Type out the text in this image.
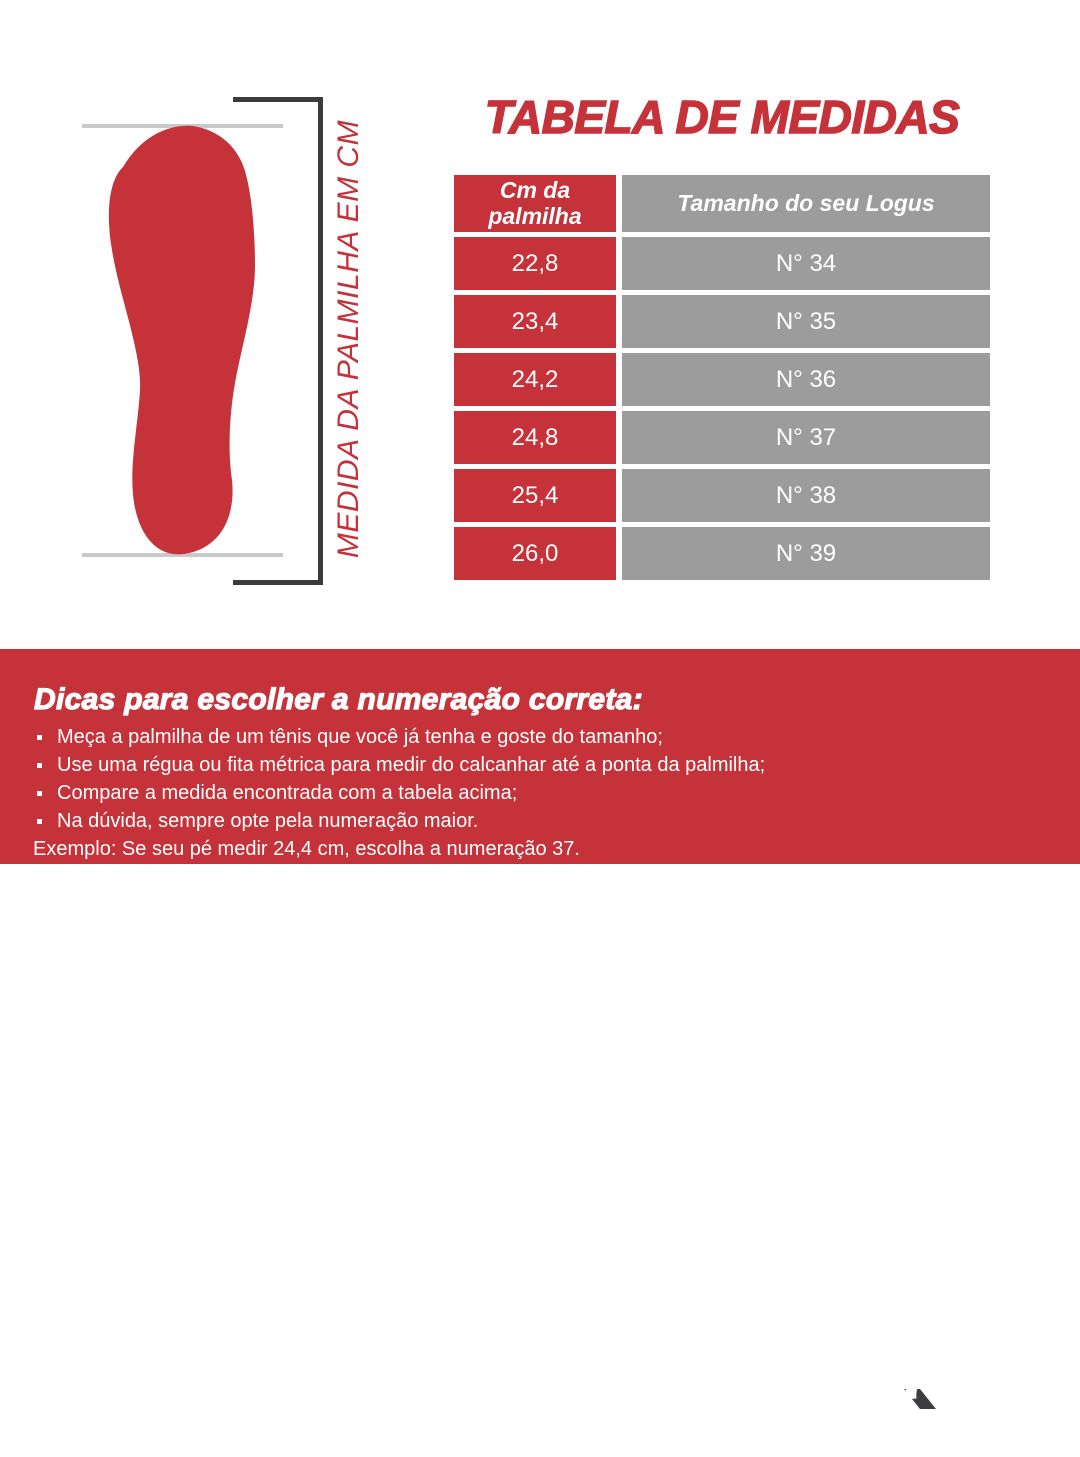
MEDIDA DA PALMILHA EM CM
TABELA DE MEDIDAS
Cm da palmilha	Tamanho do seu Logus
22,8	N° 34
23,4	N° 35
24,2	N° 36
24,8	N° 37
25,4	N° 38
26,0	N° 39
Dicas para escolher a numeração correta:
Meça a palmilha de um tênis que você já tenha e goste do tamanho;
Use uma régua ou fita métrica para medir do calcanhar até a ponta da palmilha;
Compare a medida encontrada com a tabela acima;
Na dúvida, sempre opte pela numeração maior.
Exemplo: Se seu pé medir 24,4 cm, escolha a numeração 37.
Logus
